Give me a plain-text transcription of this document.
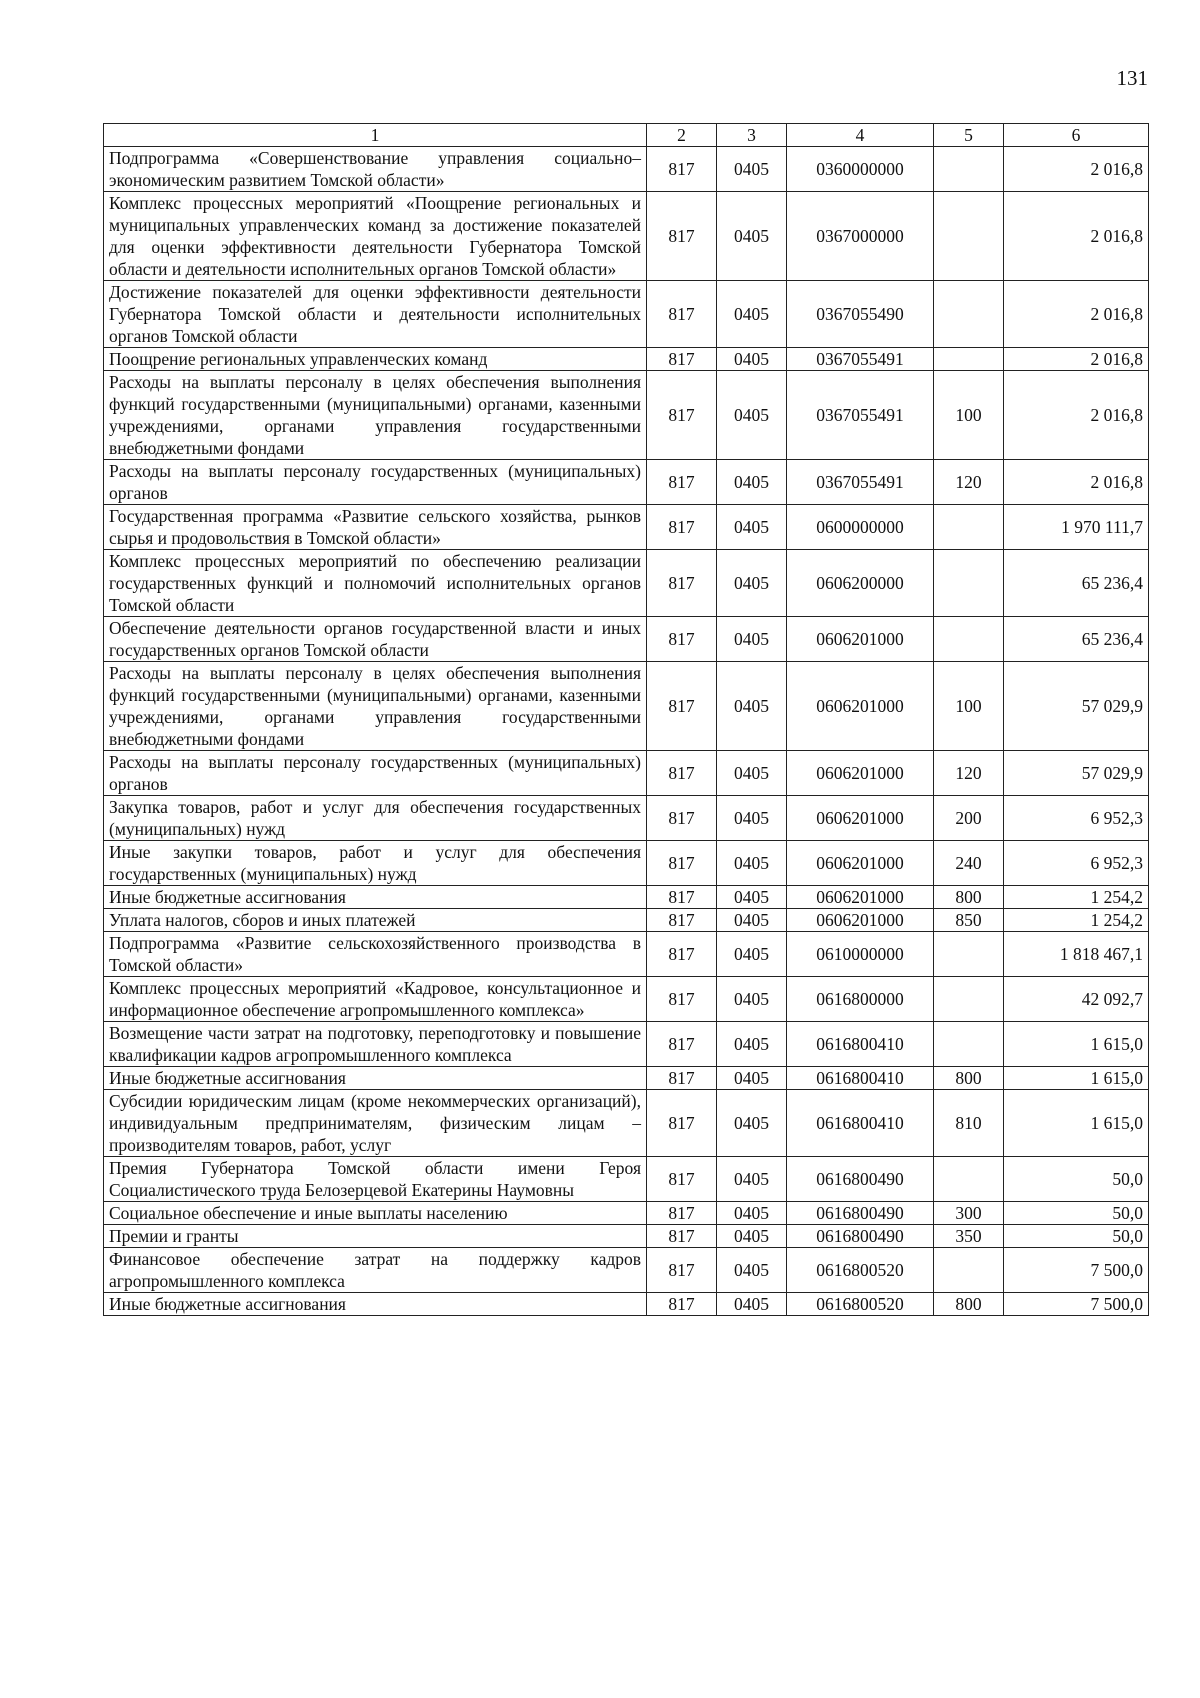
131
1	2	3	4	5	6
Подпрограмма «Совершенствование управления социально–экономическим развитием Томской области»	817	0405	0360000000		2 016,8
Комплекс процессных мероприятий «Поощрение региональных и муниципальных управленческих команд за достижение показателей для оценки эффективности деятельности Губернатора Томской области и деятельности исполнительных органов Томской области»	817	0405	0367000000		2 016,8
Достижение показателей для оценки эффективности деятельности Губернатора Томской области и деятельности исполнительных органов Томской области	817	0405	0367055490		2 016,8
Поощрение региональных управленческих команд	817	0405	0367055491		2 016,8
Расходы на выплаты персоналу в целях обеспечения выполнения функций государственными (муниципальными) органами, казенными учреждениями, органами управления государственными внебюджетными фондами	817	0405	0367055491	100	2 016,8
Расходы на выплаты персоналу государственных (муниципальных) органов	817	0405	0367055491	120	2 016,8
Государственная программа «Развитие сельского хозяйства, рынков сырья и продовольствия в Томской области»	817	0405	0600000000		1 970 111,7
Комплекс процессных мероприятий по обеспечению реализации государственных функций и полномочий исполнительных органов Томской области	817	0405	0606200000		65 236,4
Обеспечение деятельности органов государственной власти и иных государственных органов Томской области	817	0405	0606201000		65 236,4
Расходы на выплаты персоналу в целях обеспечения выполнения функций государственными (муниципальными) органами, казенными учреждениями, органами управления государственными внебюджетными фондами	817	0405	0606201000	100	57 029,9
Расходы на выплаты персоналу государственных (муниципальных) органов	817	0405	0606201000	120	57 029,9
Закупка товаров, работ и услуг для обеспечения государственных (муниципальных) нужд	817	0405	0606201000	200	6 952,3
Иные закупки товаров, работ и услуг для обеспечения государственных (муниципальных) нужд	817	0405	0606201000	240	6 952,3
Иные бюджетные ассигнования	817	0405	0606201000	800	1 254,2
Уплата налогов, сборов и иных платежей	817	0405	0606201000	850	1 254,2
Подпрограмма «Развитие сельскохозяйственного производства в Томской области»	817	0405	0610000000		1 818 467,1
Комплекс процессных мероприятий «Кадровое, консультационное и информационное обеспечение агропромышленного комплекса»	817	0405	0616800000		42 092,7
Возмещение части затрат на подготовку, переподготовку и повышение квалификации кадров агропромышленного комплекса	817	0405	0616800410		1 615,0
Иные бюджетные ассигнования	817	0405	0616800410	800	1 615,0
Субсидии юридическим лицам (кроме некоммерческих организаций), индивидуальным предпринимателям, физическим лицам – производителям товаров, работ, услуг	817	0405	0616800410	810	1 615,0
Премия Губернатора Томской области имени Героя Социалистического труда Белозерцевой Екатерины Наумовны	817	0405	0616800490		50,0
Социальное обеспечение и иные выплаты населению	817	0405	0616800490	300	50,0
Премии и гранты	817	0405	0616800490	350	50,0
Финансовое обеспечение затрат на поддержку кадров агропромышленного комплекса	817	0405	0616800520		7 500,0
Иные бюджетные ассигнования	817	0405	0616800520	800	7 500,0
